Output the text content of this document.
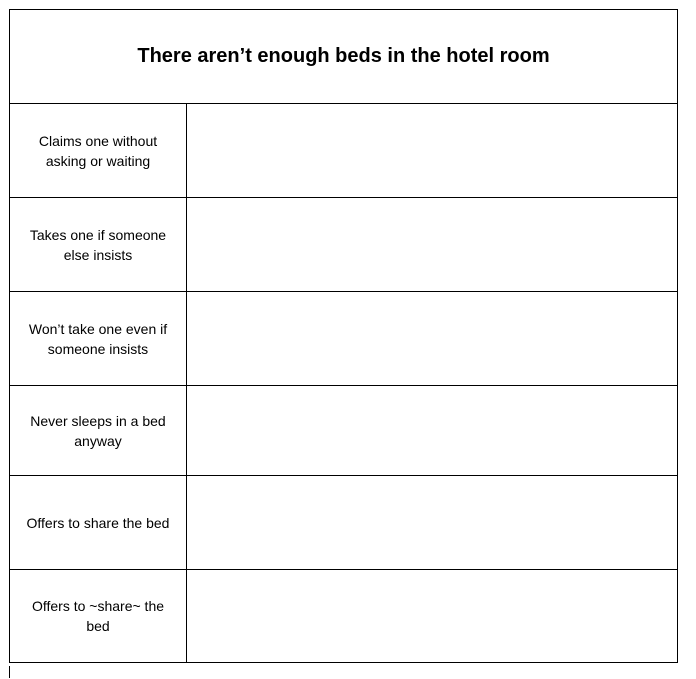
There aren’t enough beds in the hotel room	
Claims one without asking or waiting	
Takes one if someone else insists	
Won’t take one even if someone insists	
Never sleeps in a bed anyway	
Offers to share the bed	
Offers to ~share~ the bed	
